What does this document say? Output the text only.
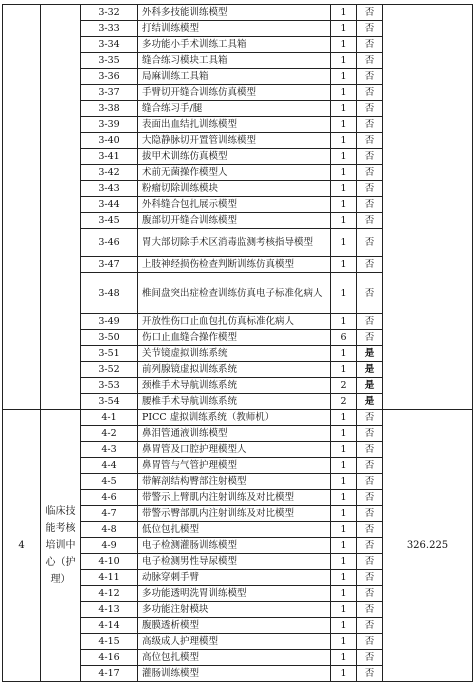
		3-32	外科多技能训练模型	1	否	
		3-33	打结训练模型	1	否	
		3-34	多功能小手术训练工具箱	1	否	
		3-35	缝合练习模块工具箱	1	否	
		3-36	局麻训练工具箱	1	否	
		3-37	手臂切开缝合训练仿真模型	1	否	
		3-38	缝合练习手/腿	1	否	
		3-39	表面出血结扎训练模型	1	否	
		3-40	大隐静脉切开置管训练模型	1	否	
		3-41	拔甲术训练仿真模型	1	否	
		3-42	术前无菌操作模型人	1	否	
		3-43	粉瘤切除训练模块	1	否	
		3-44	外科缝合包扎展示模型	1	否	
		3-45	腹部切开缝合训练模型	1	否	
		3-46	胃大部切除手术区消毒监测考核指导模型	1	否	
		3-47	上肢神经损伤检查判断训练仿真模型	1	否	
		3-48	椎间盘突出症检查训练仿真电子标准化病人	1	否	
		3-49	开放性伤口止血包扎仿真标准化病人	1	否	
		3-50	伤口止血缝合操作模型	6	否	
		3-51	关节镜虚拟训练系统	1	是	
		3-52	前列腺镜虚拟训练系统	1	是	
		3-53	颈椎手术导航训练系统	2	是	
		3-54	腰椎手术导航训练系统	2	是	
4	临床技能考核培训中心（护理）	4-1	PICC 虚拟训练系统（教师机）	1	否	326.225
		4-2	鼻泪管通液训练模型	1	否	
		4-3	鼻胃管及口腔护理模型人	1	否	
		4-4	鼻胃管与气管护理模型	1	否	
		4-5	带解剖结构臀部注射模型	1	否	
		4-6	带警示上臂肌内注射训练及对比模型	1	否	
		4-7	带警示臀部肌内注射训练及对比模型	1	否	
		4-8	低位包扎模型	1	否	
		4-9	电子检测灌肠训练模型	1	否	
		4-10	电子检测男性导尿模型	1	否	
		4-11	动脉穿刺手臂	1	否	
		4-12	多功能透明洗胃训练模型	1	否	
		4-13	多功能注射模块	1	否	
		4-14	腹膜透析模型	1	否	
		4-15	高级成人护理模型	1	否	
		4-16	高位包扎模型	1	否	
		4-17	灌肠训练模型	1	否	
